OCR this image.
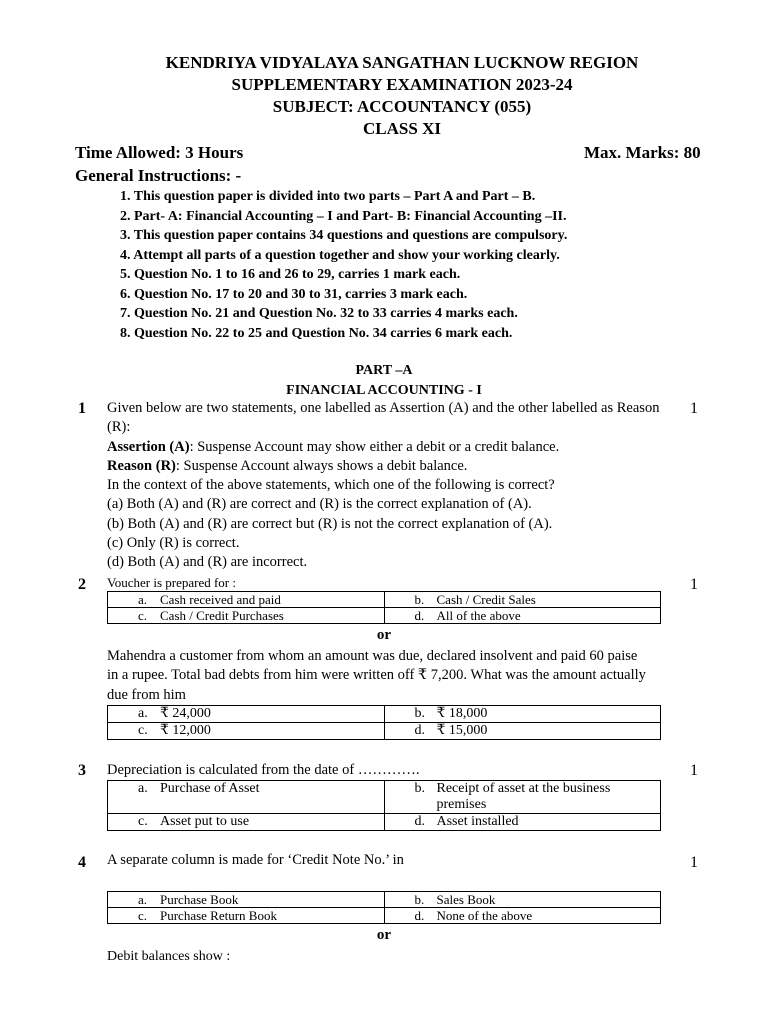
KENDRIYA VIDYALAYA SANGATHAN LUCKNOW REGION
SUPPLEMENTARY EXAMINATION 2023-24
SUBJECT: ACCOUNTANCY (055)
CLASS XI
Time Allowed: 3 Hours	Max. Marks: 80
General Instructions: -
1. This question paper is divided into two parts – Part A and Part – B.
2. Part- A: Financial Accounting – I and Part- B: Financial Accounting –II.
3. This question paper contains 34 questions and questions are compulsory.
4. Attempt all parts of a question together and show your working clearly.
5. Question No. 1 to 16 and 26 to 29, carries 1 mark each.
6. Question No. 17 to 20 and 30 to 31, carries 3 mark each.
7. Question No. 21 and Question No. 32 to 33 carries 4 marks each.
8. Question No. 22 to 25 and Question No. 34 carries 6 mark each.
PART –A
FINANCIAL ACCOUNTING - I
1	1

Given below are two statements, one labelled as Assertion (A) and the other labelled as Reason (R):

Assertion (A): Suspense Account may show either a debit or a credit balance.

Reason (R): Suspense Account always shows a debit balance.

In the context of the above statements, which one of the following is correct?

(a) Both (A) and (R) are correct and (R) is the correct explanation of (A).

(b) Both (A) and (R) are correct but (R) is not the correct explanation of (A).

(c) Only (R) is correct.

(d) Both (A) and (R) are incorrect.

2	1
Voucher is prepared for :
a. Cash received and paid	b. Cash / Credit Sales
c. Cash / Credit Purchases	d. All of the above
or
Mahendra a customer from whom an amount was due, declared insolvent and paid 60 paise in a rupee. Total bad debts from him were written off ₹ 7,200. What was the amount actually due from him
a. ₹ 24,000	b. ₹ 18,000
c. ₹ 12,000	d. ₹ 15,000
3	1
Depreciation is calculated from the date of ………….
a. Purchase of Asset	b. Receipt of asset at the business premises
c. Asset put to use	d. Asset installed
4	1
A separate column is made for ‘Credit Note No.’ in
a. Purchase Book	b. Sales Book
c. Purchase Return Book	d. None of the above
or
Debit balances show :
